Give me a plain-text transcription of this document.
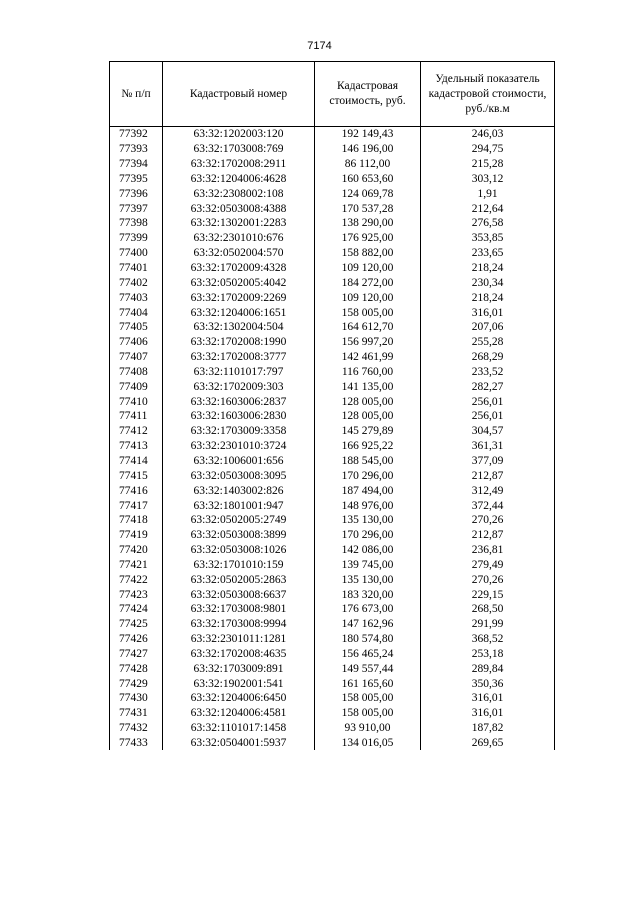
7174
№ п/п	Кадастровый номер	Кадастровая стоимость, руб.	Удельный показатель кадастровой стоимости, руб./кв.м
77392	63:32:1202003:120	192 149,43	246,03
77393	63:32:1703008:769	146 196,00	294,75
77394	63:32:1702008:2911	86 112,00	215,28
77395	63:32:1204006:4628	160 653,60	303,12
77396	63:32:2308002:108	124 069,78	1,91
77397	63:32:0503008:4388	170 537,28	212,64
77398	63:32:1302001:2283	138 290,00	276,58
77399	63:32:2301010:676	176 925,00	353,85
77400	63:32:0502004:570	158 882,00	233,65
77401	63:32:1702009:4328	109 120,00	218,24
77402	63:32:0502005:4042	184 272,00	230,34
77403	63:32:1702009:2269	109 120,00	218,24
77404	63:32:1204006:1651	158 005,00	316,01
77405	63:32:1302004:504	164 612,70	207,06
77406	63:32:1702008:1990	156 997,20	255,28
77407	63:32:1702008:3777	142 461,99	268,29
77408	63:32:1101017:797	116 760,00	233,52
77409	63:32:1702009:303	141 135,00	282,27
77410	63:32:1603006:2837	128 005,00	256,01
77411	63:32:1603006:2830	128 005,00	256,01
77412	63:32:1703009:3358	145 279,89	304,57
77413	63:32:2301010:3724	166 925,22	361,31
77414	63:32:1006001:656	188 545,00	377,09
77415	63:32:0503008:3095	170 296,00	212,87
77416	63:32:1403002:826	187 494,00	312,49
77417	63:32:1801001:947	148 976,00	372,44
77418	63:32:0502005:2749	135 130,00	270,26
77419	63:32:0503008:3899	170 296,00	212,87
77420	63:32:0503008:1026	142 086,00	236,81
77421	63:32:1701010:159	139 745,00	279,49
77422	63:32:0502005:2863	135 130,00	270,26
77423	63:32:0503008:6637	183 320,00	229,15
77424	63:32:1703008:9801	176 673,00	268,50
77425	63:32:1703008:9994	147 162,96	291,99
77426	63:32:2301011:1281	180 574,80	368,52
77427	63:32:1702008:4635	156 465,24	253,18
77428	63:32:1703009:891	149 557,44	289,84
77429	63:32:1902001:541	161 165,60	350,36
77430	63:32:1204006:6450	158 005,00	316,01
77431	63:32:1204006:4581	158 005,00	316,01
77432	63:32:1101017:1458	93 910,00	187,82
77433	63:32:0504001:5937	134 016,05	269,65
